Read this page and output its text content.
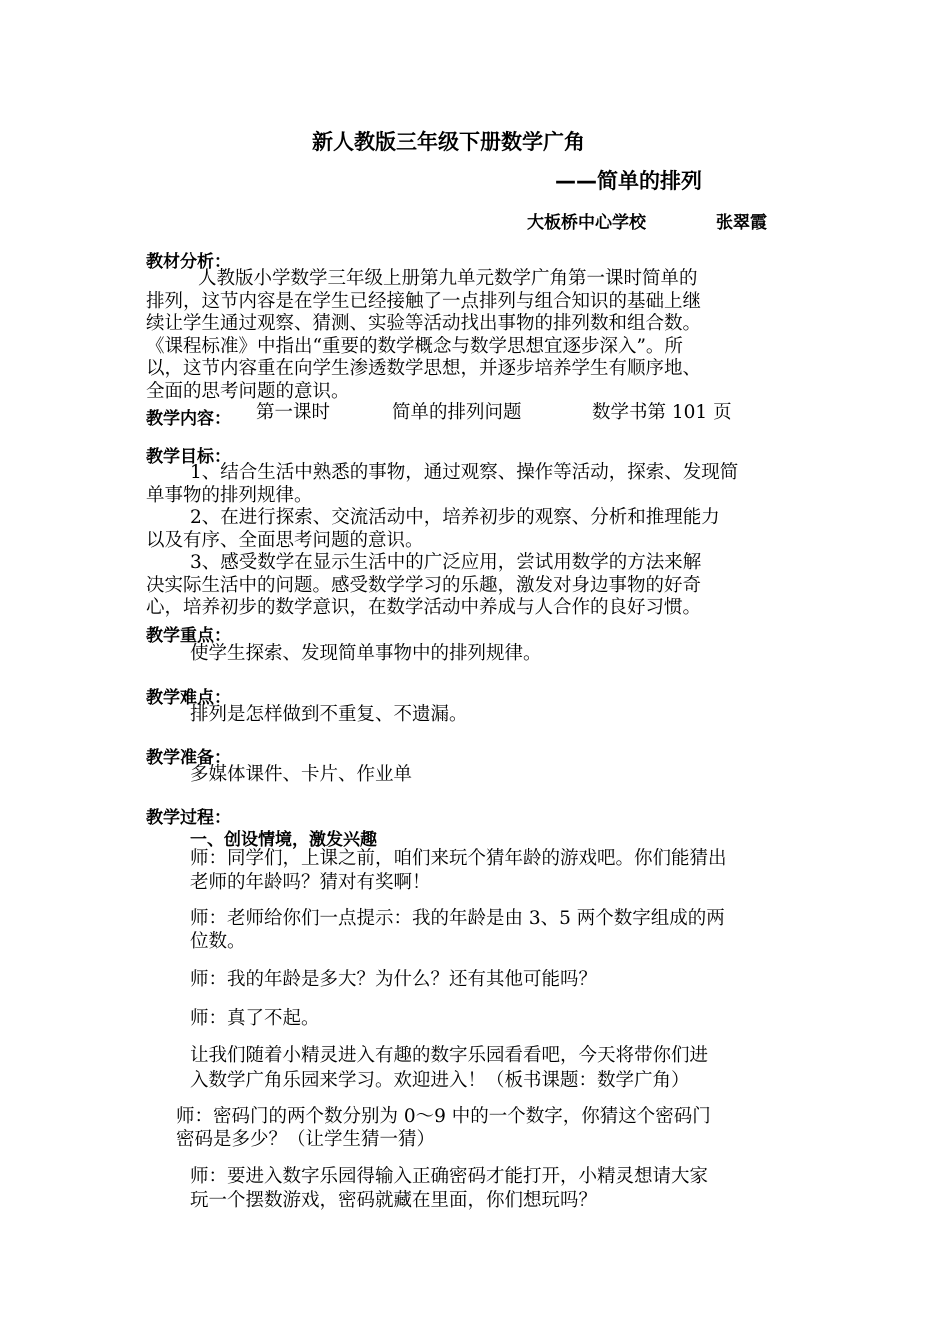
新人教版三年级下册数学广角
——简单的排列
大板桥中心学校	张翠霞
教材分析：
人教版小学数学三年级上册第九单元数学广角第一课时简单的
排列，这节内容是在学生已经接触了一点排列与组合知识的基础上继
续让学生通过观察、猜测、实验等活动找出事物的排列数和组合数。
《课程标准》中指出“重要的数学概念与数学思想宜逐步深入”。所
以，这节内容重在向学生渗透数学思想，并逐步培养学生有顺序地、
全面的思考问题的意识。
教学内容： 第一课时	简单的排列问题	数学书第 101 页
教学目标：
1、结合生活中熟悉的事物，通过观察、操作等活动，探索、发现简
单事物的排列规律。
2、在进行探索、交流活动中，培养初步的观察、分析和推理能力
以及有序、全面思考问题的意识。
3、感受数学在显示生活中的广泛应用，尝试用数学的方法来解
决实际生活中的问题。感受数学学习的乐趣，激发对身边事物的好奇
心，培养初步的数学意识，在数学活动中养成与人合作的良好习惯。
教学重点：
使学生探索、发现简单事物中的排列规律。
教学难点：
排列是怎样做到不重复、不遗漏。
教学准备：
多媒体课件、卡片、作业单
教学过程：
一、创设情境，激发兴趣
师：同学们，上课之前，咱们来玩个猜年龄的游戏吧。你们能猜出
老师的年龄吗？猜对有奖啊！
师：老师给你们一点提示：我的年龄是由 3、5 两个数字组成的两
位数。
师：我的年龄是多大？为什么？还有其他可能吗？
师：真了不起。
让我们随着小精灵进入有趣的数字乐园看看吧，今天将带你们进
入数学广角乐园来学习。欢迎进入！（板书课题：数学广角）
师：密码门的两个数分别为 0～9 中的一个数字，你猜这个密码门
密码是多少？（让学生猜一猜）
师：要进入数字乐园得输入正确密码才能打开，小精灵想请大家
玩一个摆数游戏，密码就藏在里面，你们想玩吗？
